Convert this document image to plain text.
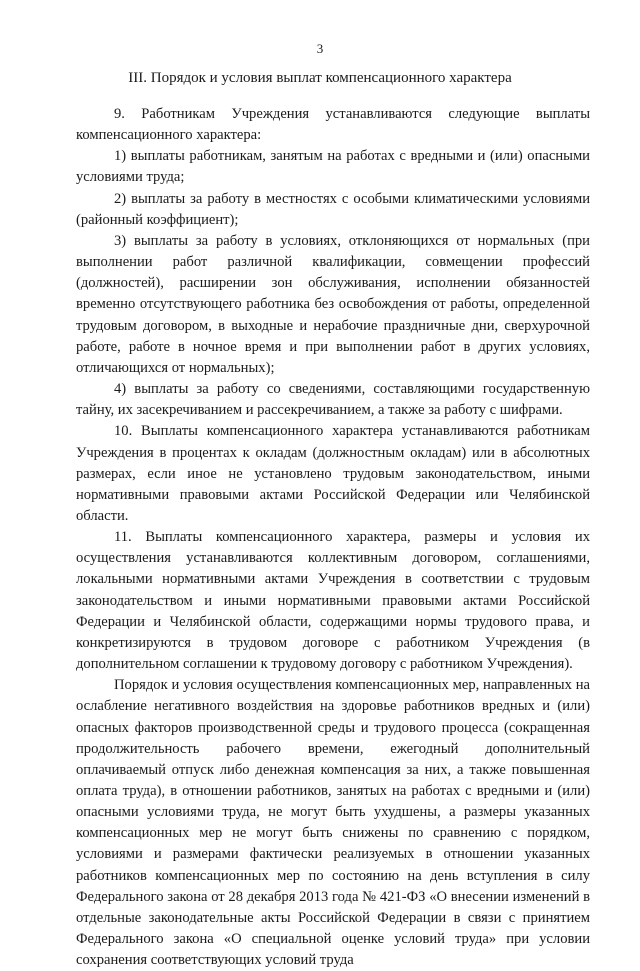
3
III. Порядок и условия выплат компенсационного характера

9. Работникам Учреждения устанавливаются следующие выплаты компенсационного характера:

1) выплаты работникам, занятым на работах с вредными и (или) опасными условиями труда;

2) выплаты за работу в местностях с особыми климатическими условиями (районный коэффициент);

3) выплаты за работу в условиях, отклоняющихся от нормальных (при выполнении работ различной квалификации, совмещении профессий (должностей), расширении зон обслуживания, исполнении обязанностей временно отсутствующего работника без освобождения от работы, определенной трудовым договором, в выходные и нерабочие праздничные дни, сверхурочной работе, работе в ночное время и при выполнении работ в других условиях, отличающихся от нормальных);

4) выплаты за работу со сведениями, составляющими государственную тайну, их засекречиванием и рассекречиванием, а также за работу с шифрами.

10. Выплаты компенсационного характера устанавливаются работникам Учреждения в процентах к окладам (должностным окладам) или в абсолютных размерах, если иное не установлено трудовым законодательством, иными нормативными правовыми актами Российской Федерации или Челябинской области.

11. Выплаты компенсационного характера, размеры и условия их осуществления устанавливаются коллективным договором, соглашениями, локальными нормативными актами Учреждения в соответствии с трудовым законодательством и иными нормативными правовыми актами Российской Федерации и Челябинской области, содержащими нормы трудового права, и конкретизируются в трудовом договоре с работником Учреждения (в дополнительном соглашении к трудовому договору с работником Учреждения).

Порядок и условия осуществления компенсационных мер, направленных на ослабление негативного воздействия на здоровье работников вредных и (или) опасных факторов производственной среды и трудового процесса (сокращенная продолжительность рабочего времени, ежегодный дополнительный оплачиваемый отпуск либо денежная компенсация за них, а также повышенная оплата труда), в отношении работников, занятых на работах с вредными и (или) опасными условиями труда, не могут быть ухудшены, а размеры указанных компенсационных мер не могут быть снижены по сравнению с порядком, условиями и размерами фактически реализуемых в отношении указанных работников компенсационных мер по состоянию на день вступления в силу Федерального закона от 28 декабря 2013 года № 421-ФЗ «О внесении изменений в отдельные законодательные акты Российской Федерации в связи с принятием Федерального закона «О специальной оценке условий труда» при условии сохранения соответствующих условий труда
